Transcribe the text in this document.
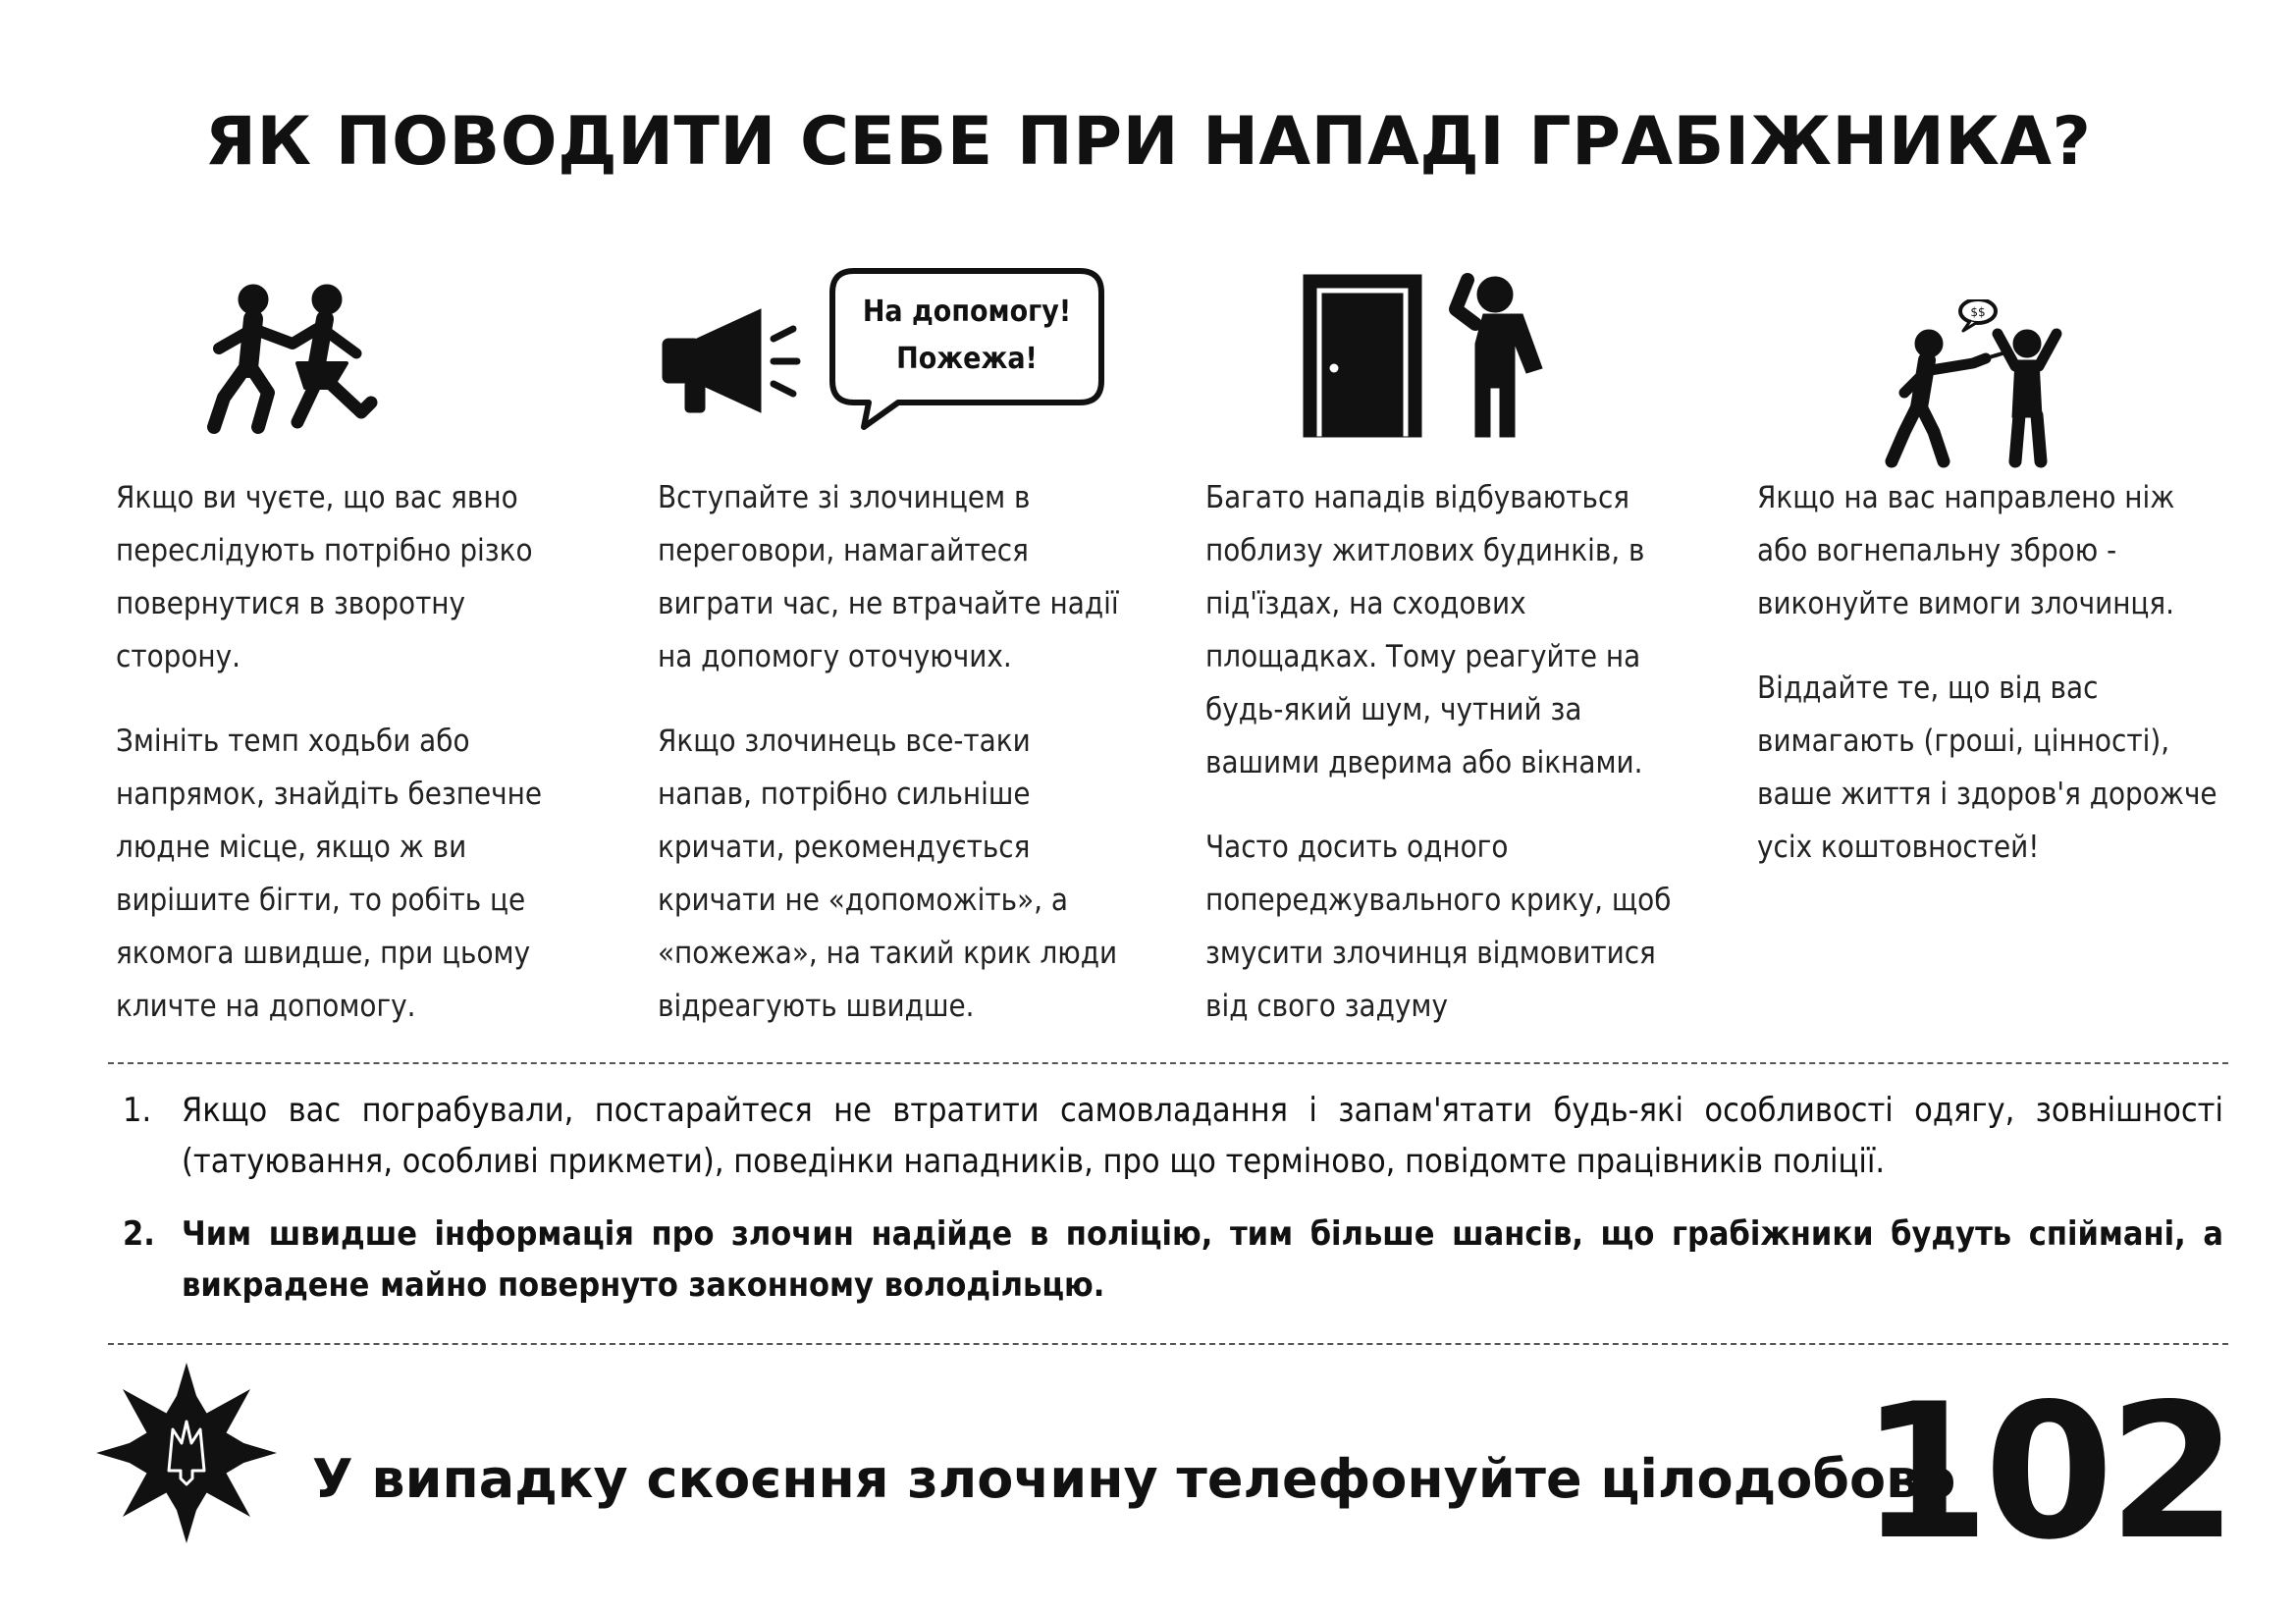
ЯК ПОВОДИТИ СЕБЕ ПРИ НАПАДІ ГРАБІЖНИКА?

Якщо ви чуєте, що вас явно
переслідують потрібно різко
повернутися в зворотну
сторону.

Змініть темп ходьби або
напрямок, знайдіть безпечне
людне місце, якщо ж ви
вирішите бігти, то робіть це
якомога швидше, при цьому
кличте на допомогу.

На допомогу!
Пожежа!

Вступайте зі злочинцем в
переговори, намагайтеся
виграти час, не втрачайте надії
на допомогу оточуючих.

Якщо злочинець все-таки
напав, потрібно сильніше
кричати, рекомендується
кричати не «допоможіть», а
«пожежа», на такий крик люди
відреагують швидше.

Багато нападів відбуваються
поблизу житлових будинків, в
під'їздах, на сходових
площадках. Тому реагуйте на
будь-який шум, чутний за
вашими дверима або вікнами.

Часто досить одного
попереджувального крику, щоб
змусити злочинця відмовитися
від свого задуму

$$

Якщо на вас направлено ніж
або вогнепальну зброю -
виконуйте вимоги злочинця.

Віддайте те, що від вас
вимагають (гроші, цінності),
ваше життя і здоров'я дорожче
усіх коштовностей!

1. Якщо вас пограбували, постарайтеся не втратити самовладання і запам'ятати будь-які особливості одягу, зовнішності (татуювання, особливі прикмети), поведінки нападників, про що терміново, повідомте працівників поліції.
2. Чим швидше інформація про злочин надійде в поліцію, тим більше шансів, що грабіжники будуть спіймані, а викрадене майно повернуто законному володільцю.
У випадку скоєння злочину телефонуйте цілодобово
102
